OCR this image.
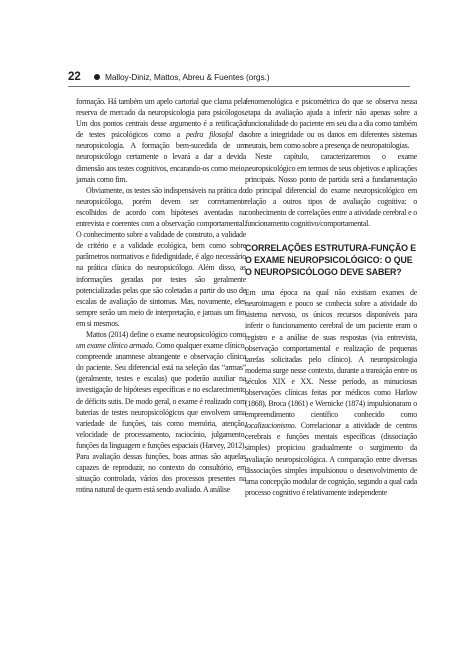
22	Malloy-Diniz, Mattos, Abreu & Fuentes (orgs.)

formação. Há também um apelo cartorial que clama pela reserva de mercado da neuropsicologia para psicólogos. Um dos pontos centrais desse argumento é a retificação de testes psicológicos como a pedra filosofal da neuropsicologia. A formação bem-sucedida de um neuropsicólogo certamente o levará a dar a devida dimensão aos testes cognitivos, encarando-os como meio, jamais como fim.

Obviamente, os testes são indispensáveis na prática do neuropsicólogo, porém devem ser corretamente escolhidos de acordo com hipóteses aventadas na entrevista e coerentes com a observação comportamental. O conhecimento sobre a validade de construto, a validade de critério e a validade ecológica, bem como sobre parâmetros normativos e fidedignidade, é algo necessário na prática clínica do neuropsicólogo. Além disso, as informações geradas por testes são geralmente potencializadas pelas que são coletadas a partir do uso de escalas de avaliação de sintomas. Mas, novamente, eles sempre serão um meio de interpretação, e jamais um fim em si mesmos.

Mattos (2014) define o exame neuropsicológico como um exame clínico armado. Como qualquer exame clínico, compreende anamnese abrangente e observação clínica do paciente. Seu diferencial está na seleção das “armas” (geralmente, testes e escalas) que poderão auxiliar na investigação de hipóteses específicas e no esclarecimento de déficits sutis. De modo geral, o exame é realizado com baterias de testes neuropsicológicos que envolvem uma variedade de funções, tais como memória, atenção, velocidade de processamento, raciocínio, julgamento, funções da linguagem e funções espaciais (Harvey, 2012). Para avaliação dessas funções, boas armas são aquelas capazes de reproduzir, no contexto do consultório, em situação controlada, vários dos processos presentes na rotina natural de quem está sendo avaliado. A análise

fenomenológica e psicométrica do que se observa nessa etapa da avaliação ajuda a inferir não apenas sobre a funcionalidade do paciente em seu dia a dia como também sobre a integridade ou os danos em diferentes sistemas neurais, bem como sobre a presença de neuropatologias.

Neste capítulo, caracterizaremos o exame neuropsicológico em termos de seus objetivos e aplicações principais. Nosso ponto de partida será a fundamentação do principal diferencial do exame neuropsicológico em relação a outros tipos de avaliação cognitiva: o conhecimento de correlações entre a atividade cerebral e o funcionamento cognitivo/comportamental.

CORRELAÇÕES ESTRUTURA-FUNÇÃO E O EXAME NEUROPSICOLÓGICO: O QUE O NEUROPSICÓLOGO DEVE SABER?

Em uma época na qual não existiam exames de neuroimagem e pouco se conhecia sobre a atividade do sistema nervoso, os únicos recursos disponíveis para inferir o funcionamento cerebral de um paciente eram o registro e a análise de suas respostas (via entrevista, observação comportamental e realização de pequenas tarefas solicitadas pelo clínico). A neuropsicologia moderna surge nesse contexto, durante a transição entre os séculos XIX e XX. Nesse período, as minuciosas observações clínicas feitas por médicos como Harlow (1868), Broca (1861) e Wernicke (1874) impulsionaram o empreendimento científico conhecido como localizacionismo. Correlacionar a atividade de centros cerebrais e funções mentais específicas (dissociação simples) propiciou gradualmente o surgimento da avaliação neuropsicológica. A comparação entre diversas dissociações simples impulsionou o desenvolvimento de uma concepção modular de cognição, segundo a qual cada processo cognitivo é relativamente independente
